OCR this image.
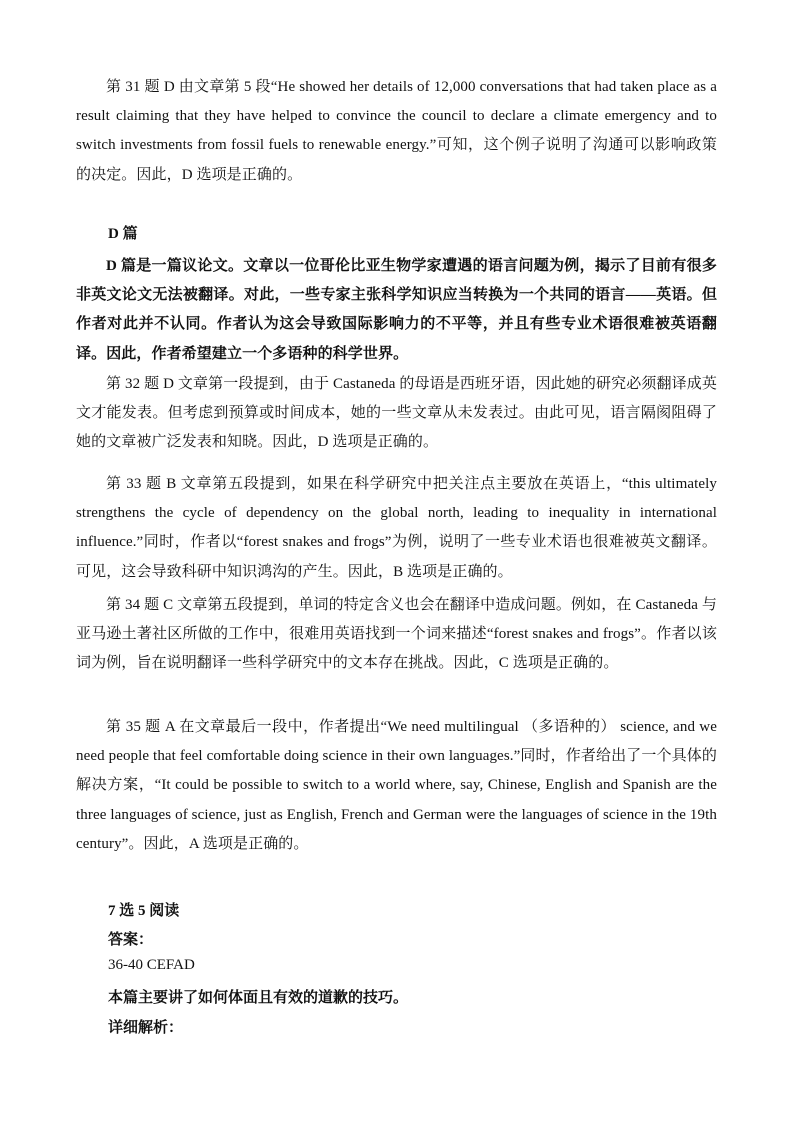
第 31 题 D 由文章第 5 段“He showed her details of 12,000 conversations that had taken place as a result claiming that they have helped to convince the council to declare a climate emergency and to switch investments from fossil fuels to renewable energy.”可知，这个例子说明了沟通可以影响政策的决定。因此，D 选项是正确的。

D 篇

D 篇是一篇议论文。文章以一位哥伦比亚生物学家遭遇的语言问题为例，揭示了目前有很多非英文论文无法被翻译。对此，一些专家主张科学知识应当转换为一个共同的语言——英语。但作者对此并不认同。作者认为这会导致国际影响力的不平等，并且有些专业术语很难被英语翻译。因此，作者希望建立一个多语种的科学世界。

第 32 题 D 文章第一段提到，由于 Castaneda 的母语是西班牙语，因此她的研究必须翻译成英文才能发表。但考虑到预算或时间成本，她的一些文章从未发表过。由此可见，语言隔阂阻碍了她的文章被广泛发表和知晓。因此，D 选项是正确的。

第 33 题 B 文章第五段提到，如果在科学研究中把关注点主要放在英语上，“this ultimately strengthens the cycle of dependency on the global north, leading to inequality in international influence.”同时，作者以“forest snakes and frogs”为例，说明了一些专业术语也很难被英文翻译。可见，这会导致科研中知识鸿沟的产生。因此，B 选项是正确的。

第 34 题 C 文章第五段提到，单词的特定含义也会在翻译中造成问题。例如，在 Castaneda 与亚马逊土著社区所做的工作中，很难用英语找到一个词来描述“forest snakes and frogs”。作者以该词为例，旨在说明翻译一些科学研究中的文本存在挑战。因此，C 选项是正确的。

第 35 题 A 在文章最后一段中，作者提出“We need multilingual （多语种的） science, and we need people that feel comfortable doing science in their own languages.”同时，作者给出了一个具体的解决方案，“It could be possible to switch to a world where, say, Chinese, English and Spanish are the three languages of science, just as English, French and German were the languages of science in the 19th century”。因此，A 选项是正确的。

7 选 5 阅读

答案：

36-40 CEFAD

本篇主要讲了如何体面且有效的道歉的技巧。

详细解析：
